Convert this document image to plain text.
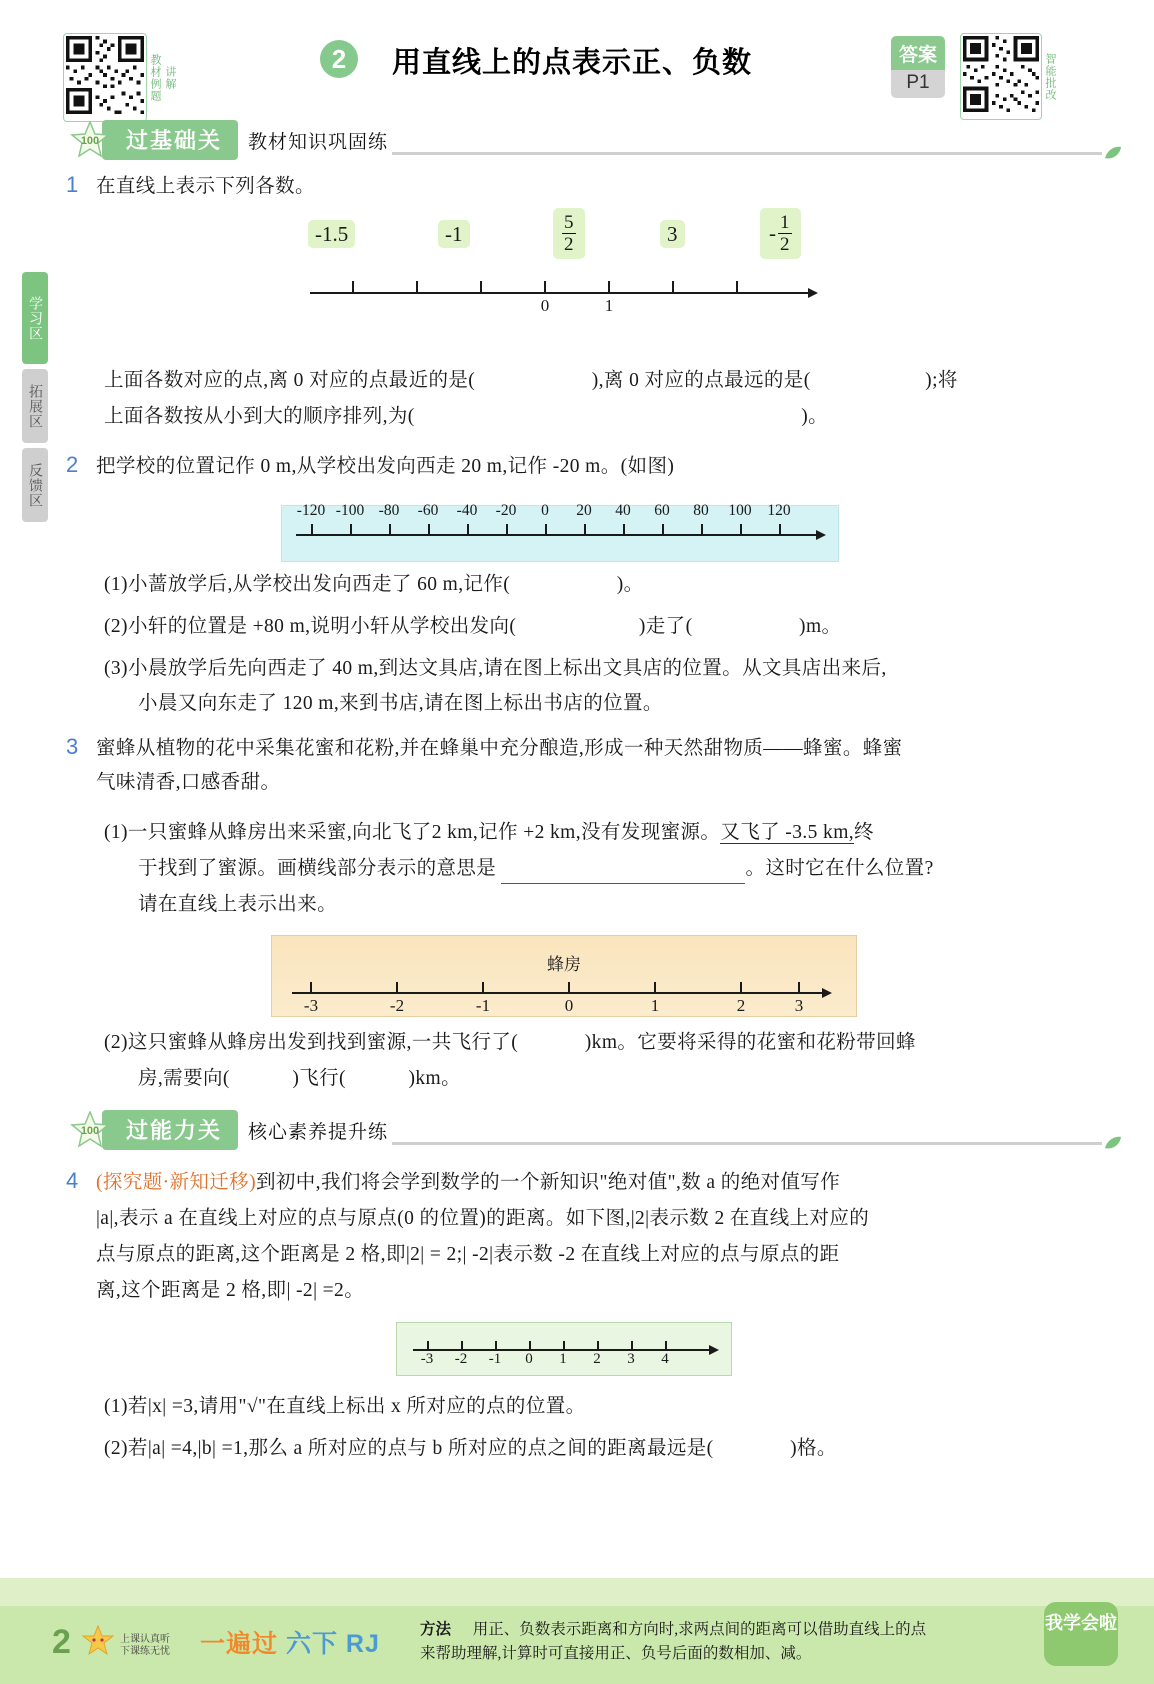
学习区
拓展区
反馈区
教材例题 讲解
2	用直线上的点表示正、负数	答案
P1	智能批改
100	过基础关	教材知识巩固练
1 在直线上表示下列各数。
-1.5	-1	$\frac{5}{2}$	3	- $\frac{1}{2}$
0	1
上面各数对应的点,离 0 对应的点最近的是(	),离 0 对应的点最远的是(	);将
上面各数按从小到大的顺序排列,为(	)。
2 把学校的位置记作 0 m,从学校出发向西走 20 m,记作 -20 m。(如图)
-120 -100 -80	-60	-40	-20	0	20	40	60	80	100	120
(1)小蔷放学后,从学校出发向西走了 60 m,记作(	)。
(2)小轩的位置是 +80 m,说明小轩从学校出发向(	)走了(	)m。
(3)小晨放学后先向西走了 40 m,到达文具店,请在图上标出文具店的位置。从文具店出来后,
小晨又向东走了 120 m,来到书店,请在图上标出书店的位置。
3 蜜蜂从植物的花中采集花蜜和花粉,并在蜂巢中充分酿造,形成一种天然甜物质——蜂蜜。蜂蜜
气味清香,口感香甜。
(1)一只蜜蜂从蜂房出来采蜜,向北飞了2 km,记作 +2 km,没有发现蜜源。又飞了 -3.5 km,终
于找到了蜜源。画横线部分表示的意思是	。这时它在什么位置?
请在直线上表示出来。
蜂房
-3	-2	-1	0	1	2	3
(2)这只蜜蜂从蜂房出发到找到蜜源,一共飞行了(	)km。它要将采得的花蜜和花粉带回蜂
房,需要向(	)飞行(	)km。
100	过能力关	核心素养提升练
4 (探究题·新知迁移)到初中,我们将会学到数学的一个新知识"绝对值",数 a 的绝对值写作
|a|,表示 a 在直线上对应的点与原点(0 的位置)的距离。如下图,|2|表示数 2 在直线上对应的
点与原点的距离,这个距离是 2 格,即|2| = 2;| -2|表示数 -2 在直线上对应的点与原点的距
离,这个距离是 2 格,即| -2| =2。
-3	-2	-1	0	1	2	3	4
(1)若|x| =3,请用"√"在直线上标出 x 所对应的点的位置。
(2)若|a| =4,|b| =1,那么 a 所对应的点与 b 所对应的点之间的距离最远是(	)格。
2	上课认真听
下课练无忧 一遍过 六下 RJ
方法 用正、负数表示距离和方向时,求两点间的距离可以借助直线上的点
来帮助理解,计算时可直接用正、负号后面的数相加、减。
我学会啦
